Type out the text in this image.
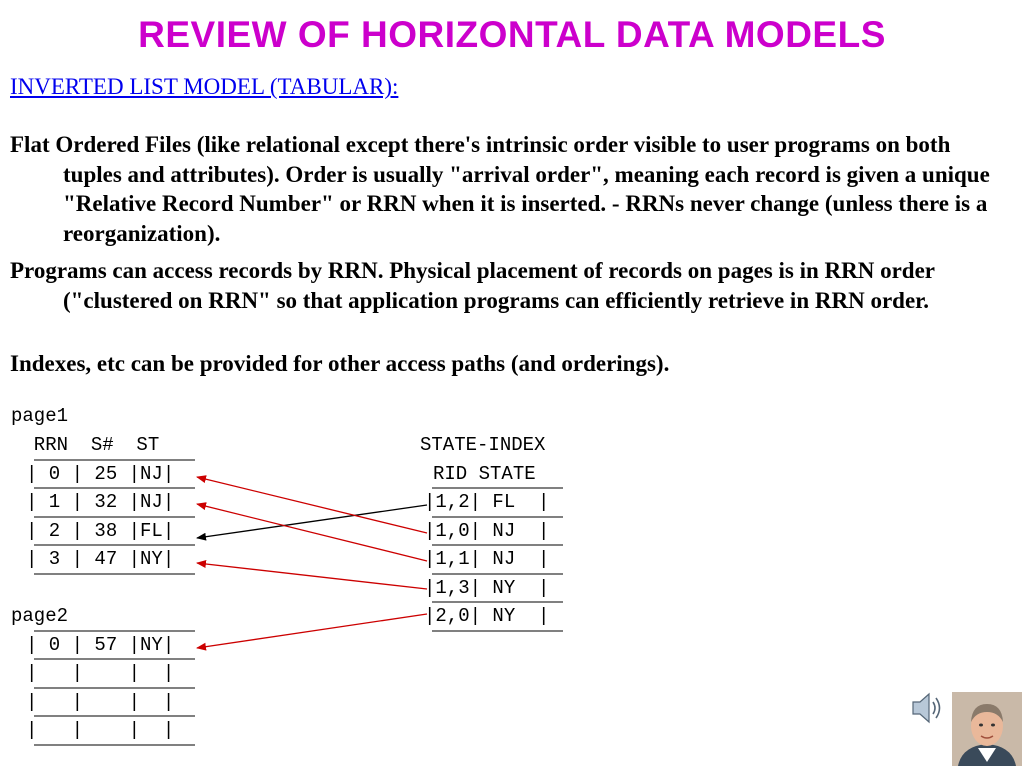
REVIEW OF HORIZONTAL DATA MODELS
INVERTED LIST MODEL (TABULAR):
Flat Ordered Files (like relational except there's intrinsic order visible to user programs on both tuples and attributes). Order is usually "arrival order", meaning each record is given a unique "Relative Record Number" or RRN when it is inserted. - RRNs never change (unless there is a reorganization).
Programs can access records by RRN. Physical placement of records on pages is in RRN order ("clustered on RRN" so that application programs can efficiently retrieve in RRN order.
Indexes, etc can be provided for other access paths (and orderings).
page1
RRN  S#  ST
| 0 | 25 |NJ|
| 1 | 32 |NJ|
| 2 | 38 |FL|
| 3 | 47 |NY|
page2
| 0 | 57 |NY|
|   |    |  |
|   |    |  |
|   |    |  |
STATE-INDEX
RID STATE
|1,2| FL  |
|1,0| NJ  |
|1,1| NJ  |
|1,3| NY  |
|2,0| NY  |
